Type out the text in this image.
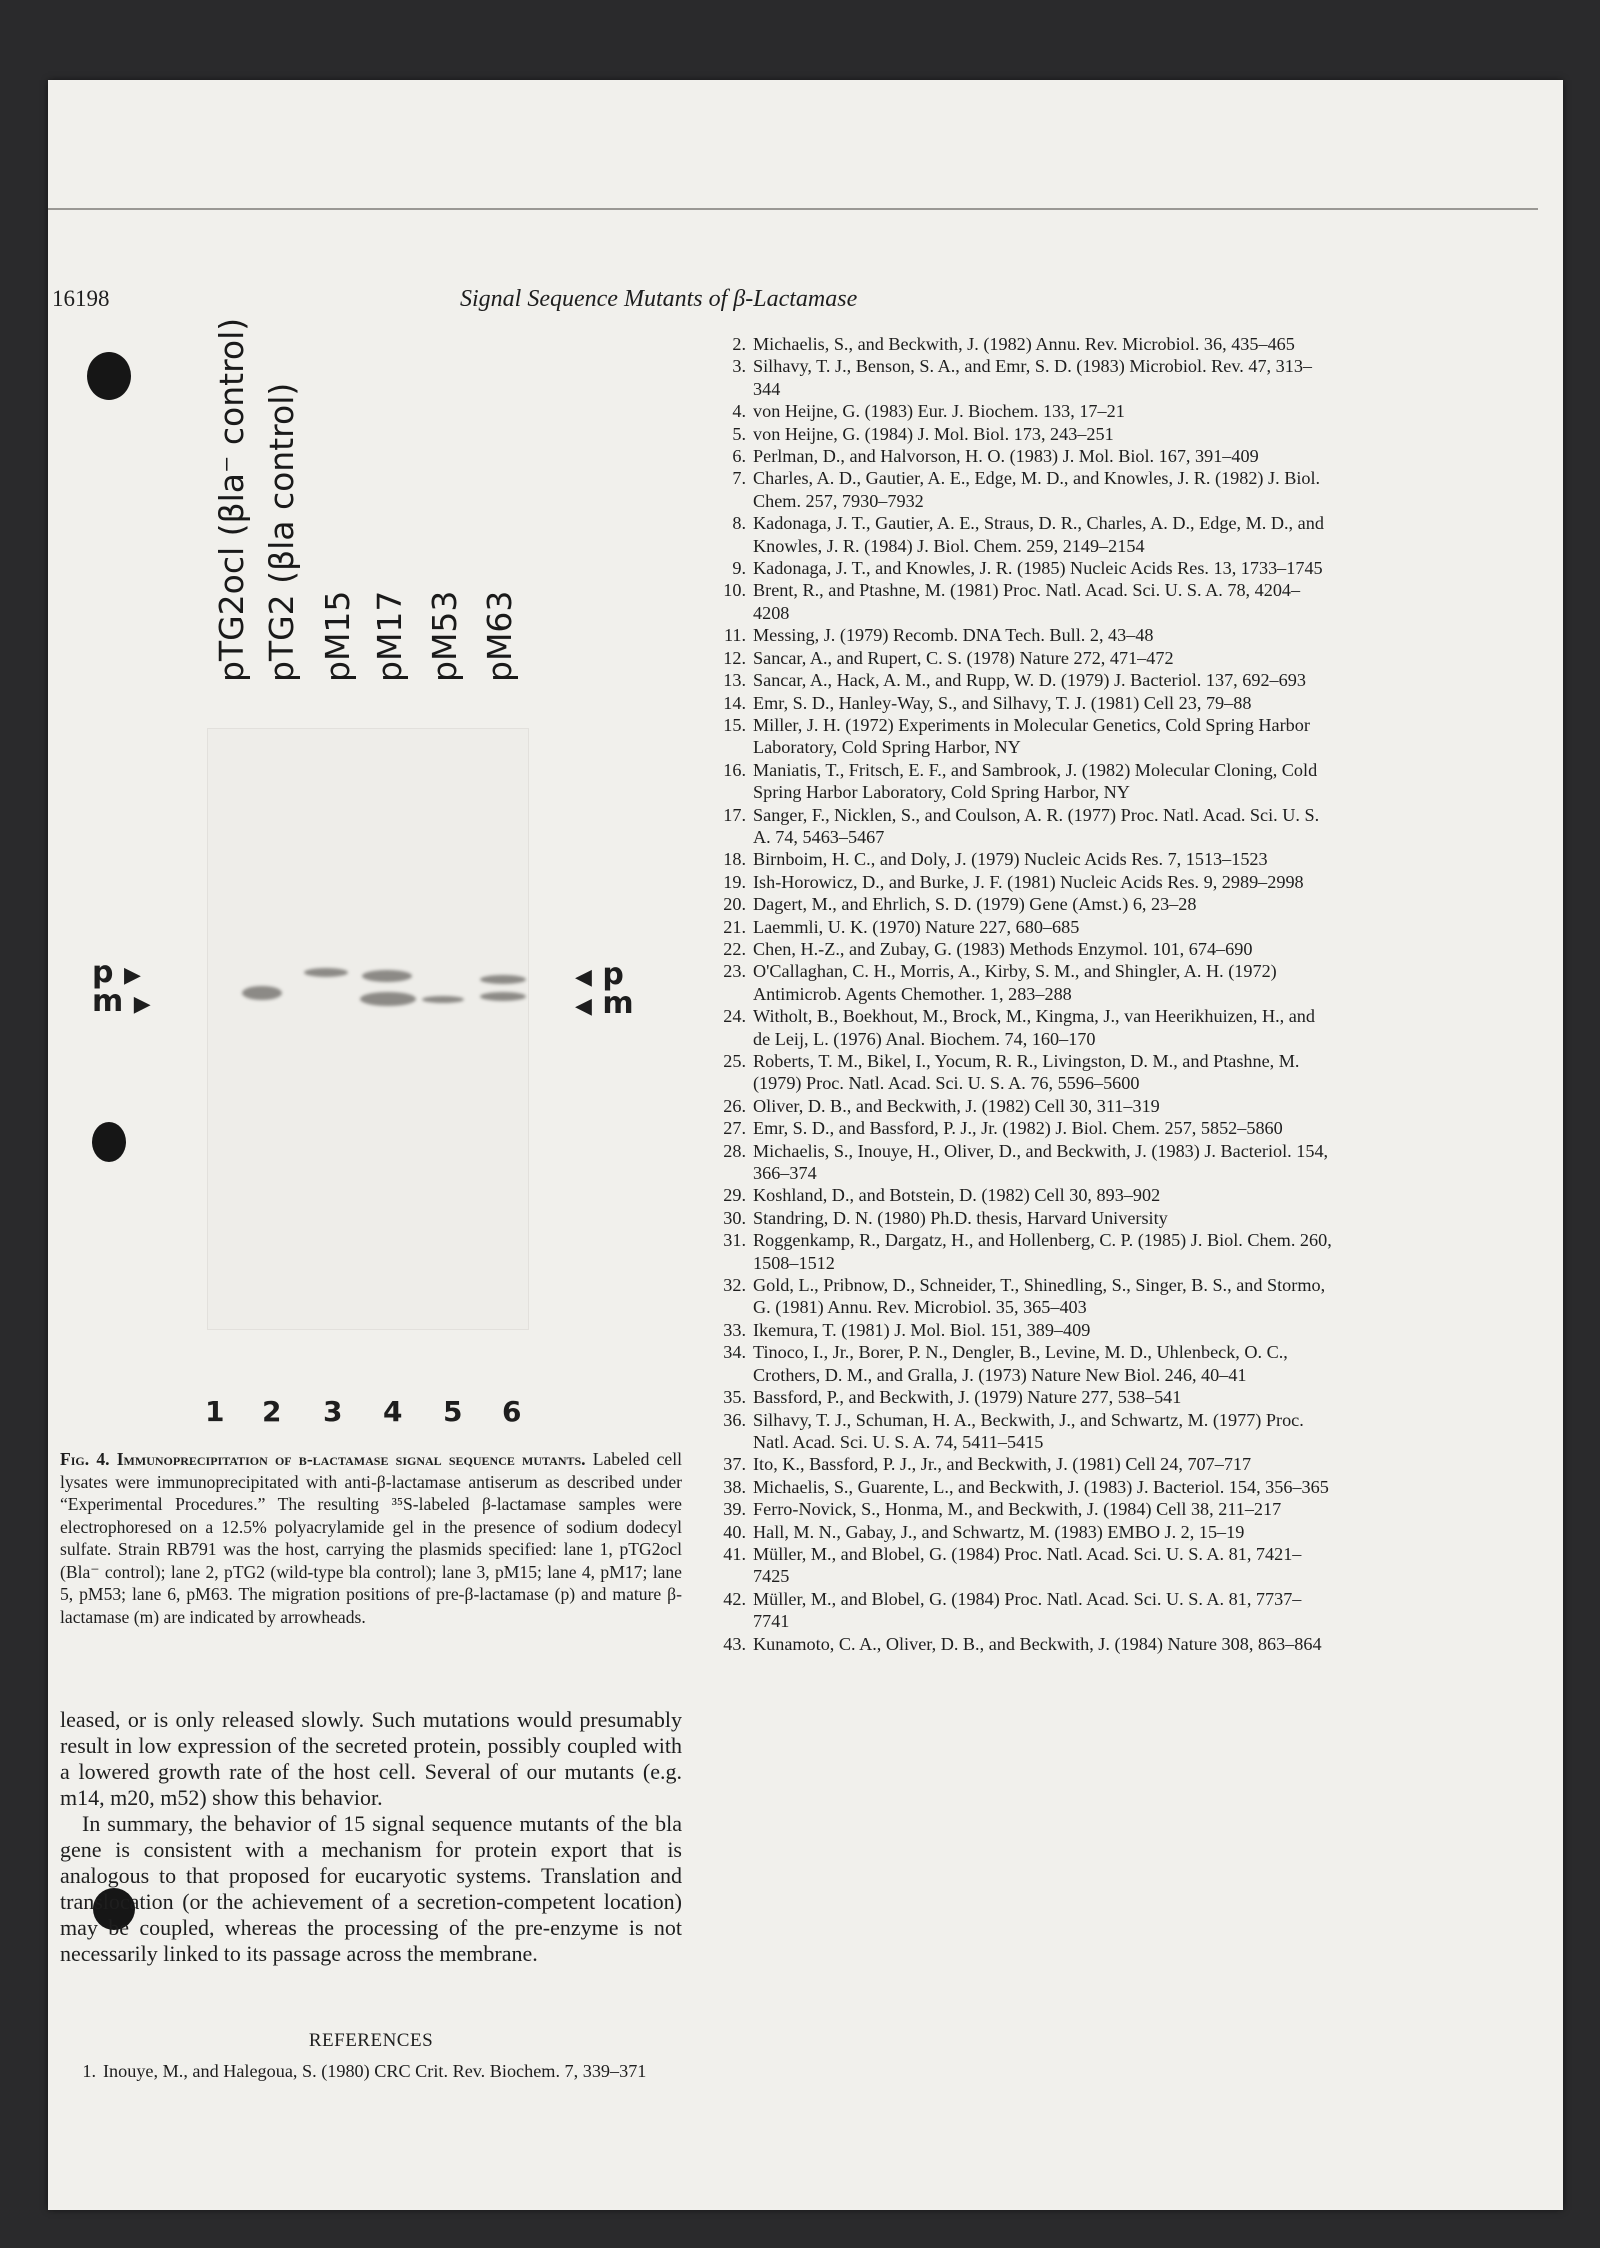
16198	Signal Sequence Mutants of β-Lactamase
pTG2ocl (βla⁻ control) pTG2 (βla control) pM15 pM17 pM53 pM63
p ▶
m ▶
◀ p
◀ m
1 2 3 4 5 6
Fig. 4. Immunoprecipitation of β-lactamase signal sequence mutants. Labeled cell lysates were immunoprecipitated with anti-β-lactamase antiserum as described under “Experimental Procedures.” The resulting ³⁵S-labeled β-lactamase samples were electrophoresed on a 12.5% polyacrylamide gel in the presence of sodium dodecyl sulfate. Strain RB791 was the host, carrying the plasmids specified: lane 1, pTG2ocl (Bla⁻ control); lane 2, pTG2 (wild-type bla control); lane 3, pM15; lane 4, pM17; lane 5, pM53; lane 6, pM63. The migration positions of pre-β-lactamase (p) and mature β-lactamase (m) are indicated by arrowheads.

leased, or is only released slowly. Such mutations would presumably result in low expression of the secreted protein, possibly coupled with a lowered growth rate of the host cell. Several of our mutants (e.g. m14, m20, m52) show this behavior.

In summary, the behavior of 15 signal sequence mutants of the bla gene is consistent with a mechanism for protein export that is analogous to that proposed for eucaryotic systems. Translation and translocation (or the achievement of a secretion-competent location) may be coupled, whereas the processing of the pre-enzyme is not necessarily linked to its passage across the membrane.

REFERENCES
1. Inouye, M., and Halegoua, S. (1980) CRC Crit. Rev. Biochem. 7, 339–371
2. Michaelis, S., and Beckwith, J. (1982) Annu. Rev. Microbiol. 36, 435–465
3. Silhavy, T. J., Benson, S. A., and Emr, S. D. (1983) Microbiol. Rev. 47, 313–344
4. von Heijne, G. (1983) Eur. J. Biochem. 133, 17–21
5. von Heijne, G. (1984) J. Mol. Biol. 173, 243–251
6. Perlman, D., and Halvorson, H. O. (1983) J. Mol. Biol. 167, 391–409
7. Charles, A. D., Gautier, A. E., Edge, M. D., and Knowles, J. R. (1982) J. Biol. Chem. 257, 7930–7932
8. Kadonaga, J. T., Gautier, A. E., Straus, D. R., Charles, A. D., Edge, M. D., and Knowles, J. R. (1984) J. Biol. Chem. 259, 2149–2154
9. Kadonaga, J. T., and Knowles, J. R. (1985) Nucleic Acids Res. 13, 1733–1745
10. Brent, R., and Ptashne, M. (1981) Proc. Natl. Acad. Sci. U. S. A. 78, 4204–4208
11. Messing, J. (1979) Recomb. DNA Tech. Bull. 2, 43–48
12. Sancar, A., and Rupert, C. S. (1978) Nature 272, 471–472
13. Sancar, A., Hack, A. M., and Rupp, W. D. (1979) J. Bacteriol. 137, 692–693
14. Emr, S. D., Hanley-Way, S., and Silhavy, T. J. (1981) Cell 23, 79–88
15. Miller, J. H. (1972) Experiments in Molecular Genetics, Cold Spring Harbor Laboratory, Cold Spring Harbor, NY
16. Maniatis, T., Fritsch, E. F., and Sambrook, J. (1982) Molecular Cloning, Cold Spring Harbor Laboratory, Cold Spring Harbor, NY
17. Sanger, F., Nicklen, S., and Coulson, A. R. (1977) Proc. Natl. Acad. Sci. U. S. A. 74, 5463–5467
18. Birnboim, H. C., and Doly, J. (1979) Nucleic Acids Res. 7, 1513–1523
19. Ish-Horowicz, D., and Burke, J. F. (1981) Nucleic Acids Res. 9, 2989–2998
20. Dagert, M., and Ehrlich, S. D. (1979) Gene (Amst.) 6, 23–28
21. Laemmli, U. K. (1970) Nature 227, 680–685
22. Chen, H.-Z., and Zubay, G. (1983) Methods Enzymol. 101, 674–690
23. O'Callaghan, C. H., Morris, A., Kirby, S. M., and Shingler, A. H. (1972) Antimicrob. Agents Chemother. 1, 283–288
24. Witholt, B., Boekhout, M., Brock, M., Kingma, J., van Heerikhuizen, H., and de Leij, L. (1976) Anal. Biochem. 74, 160–170
25. Roberts, T. M., Bikel, I., Yocum, R. R., Livingston, D. M., and Ptashne, M. (1979) Proc. Natl. Acad. Sci. U. S. A. 76, 5596–5600
26. Oliver, D. B., and Beckwith, J. (1982) Cell 30, 311–319
27. Emr, S. D., and Bassford, P. J., Jr. (1982) J. Biol. Chem. 257, 5852–5860
28. Michaelis, S., Inouye, H., Oliver, D., and Beckwith, J. (1983) J. Bacteriol. 154, 366–374
29. Koshland, D., and Botstein, D. (1982) Cell 30, 893–902
30. Standring, D. N. (1980) Ph.D. thesis, Harvard University
31. Roggenkamp, R., Dargatz, H., and Hollenberg, C. P. (1985) J. Biol. Chem. 260, 1508–1512
32. Gold, L., Pribnow, D., Schneider, T., Shinedling, S., Singer, B. S., and Stormo, G. (1981) Annu. Rev. Microbiol. 35, 365–403
33. Ikemura, T. (1981) J. Mol. Biol. 151, 389–409
34. Tinoco, I., Jr., Borer, P. N., Dengler, B., Levine, M. D., Uhlenbeck, O. C., Crothers, D. M., and Gralla, J. (1973) Nature New Biol. 246, 40–41
35. Bassford, P., and Beckwith, J. (1979) Nature 277, 538–541
36. Silhavy, T. J., Schuman, H. A., Beckwith, J., and Schwartz, M. (1977) Proc. Natl. Acad. Sci. U. S. A. 74, 5411–5415
37. Ito, K., Bassford, P. J., Jr., and Beckwith, J. (1981) Cell 24, 707–717
38. Michaelis, S., Guarente, L., and Beckwith, J. (1983) J. Bacteriol. 154, 356–365
39. Ferro-Novick, S., Honma, M., and Beckwith, J. (1984) Cell 38, 211–217
40. Hall, M. N., Gabay, J., and Schwartz, M. (1983) EMBO J. 2, 15–19
41. Müller, M., and Blobel, G. (1984) Proc. Natl. Acad. Sci. U. S. A. 81, 7421–7425
42. Müller, M., and Blobel, G. (1984) Proc. Natl. Acad. Sci. U. S. A. 81, 7737–7741
43. Kunamoto, C. A., Oliver, D. B., and Beckwith, J. (1984) Nature 308, 863–864
